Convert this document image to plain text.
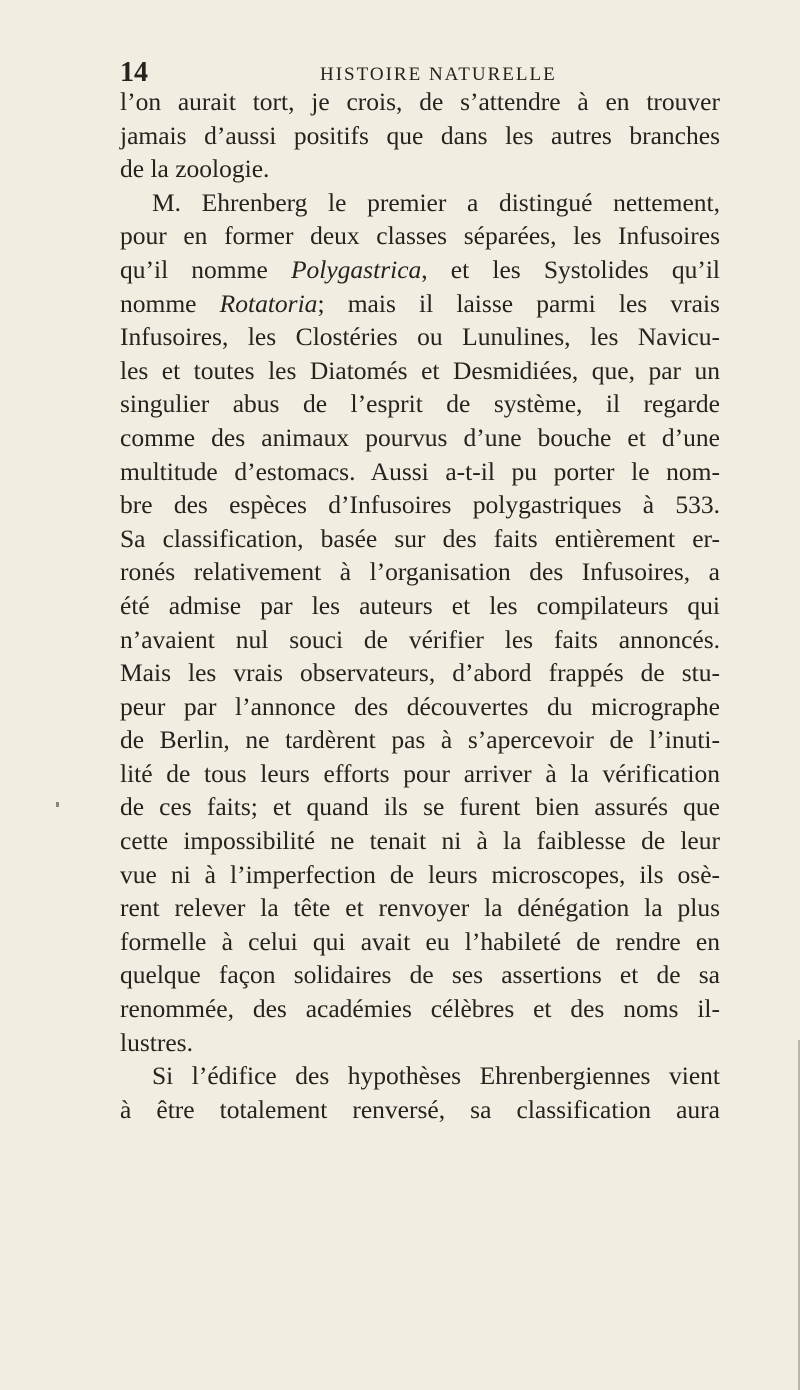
14	HISTOIRE NATURELLE
l’on aurait tort, je crois, de s’attendre à en trouver
jamais d’aussi positifs que dans les autres branches
de la zoologie.
M. Ehrenberg le premier a distingué nettement,
pour en former deux classes séparées, les Infusoires
qu’il nomme Polygastrica, et les Systolides qu’il
nomme Rotatoria; mais il laisse parmi les vrais
Infusoires, les Clostéries ou Lunulines, les Navicu-
les et toutes les Diatomés et Desmidiées, que, par un
singulier abus de l’esprit de système, il regarde
comme des animaux pourvus d’une bouche et d’une
multitude d’estomacs. Aussi a-t-il pu porter le nom-
bre des espèces d’Infusoires polygastriques à 533.
Sa classification, basée sur des faits entièrement er-
ronés relativement à l’organisation des Infusoires, a
été admise par les auteurs et les compilateurs qui
n’avaient nul souci de vérifier les faits annoncés.
Mais les vrais observateurs, d’abord frappés de stu-
peur par l’annonce des découvertes du micrographe
de Berlin, ne tardèrent pas à s’apercevoir de l’inuti-
lité de tous leurs efforts pour arriver à la vérification
de ces faits; et quand ils se furent bien assurés que
cette impossibilité ne tenait ni à la faiblesse de leur
vue ni à l’imperfection de leurs microscopes, ils osè-
rent relever la tête et renvoyer la dénégation la plus
formelle à celui qui avait eu l’habileté de rendre en
quelque façon solidaires de ses assertions et de sa
renommée, des académies célèbres et des noms il-
lustres.
Si l’édifice des hypothèses Ehrenbergiennes vient
à être totalement renversé, sa classification aura
